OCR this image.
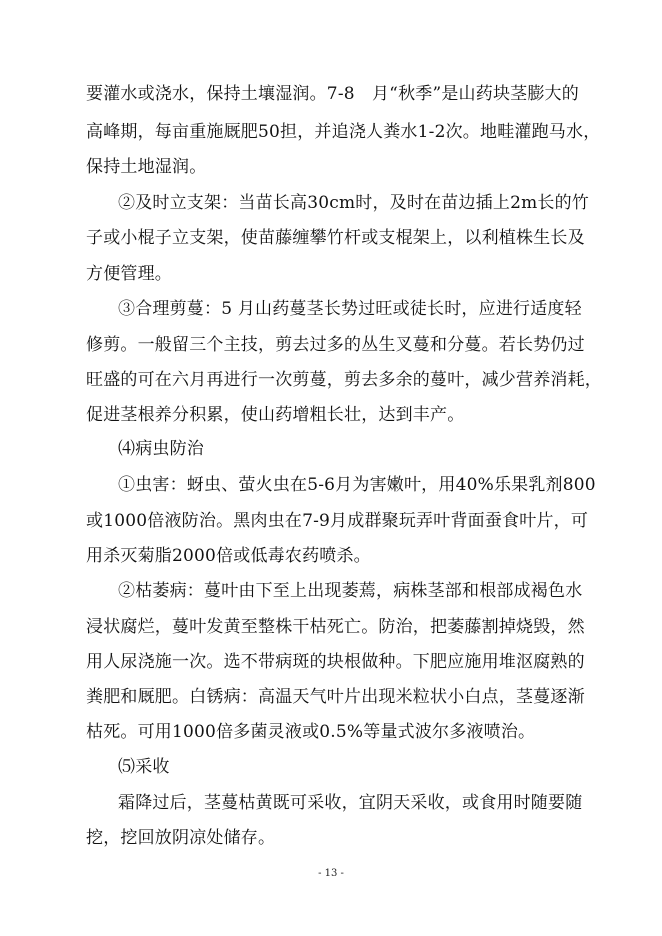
要灌水或浇水，保持土壤湿润。7-8　月“秋季”是山药块茎膨大的
高峰期，每亩重施厩肥50担，并追浇人粪水1-2次。地畦灌跑马水，
保持土地湿润。
②及时立支架：当苗长高30cm时，及时在苗边插上2m长的竹
子或小棍子立支架，使苗藤缠攀竹杆或支棍架上，以利植株生长及
方便管理。
③合理剪蔓：5 月山药蔓茎长势过旺或徒长时，应进行适度轻
修剪。一般留三个主技，剪去过多的丛生叉蔓和分蔓。若长势仍过
旺盛的可在六月再进行一次剪蔓，剪去多余的蔓叶，减少营养消耗，
促进茎根养分积累，使山药增粗长壮，达到丰产。
⑷病虫防治
①虫害：蚜虫、萤火虫在5-6月为害嫩叶，用40%乐果乳剂800
或1000倍液防治。黑肉虫在7-9月成群聚玩弄叶背面蚕食叶片，可
用杀灭菊脂2000倍或低毒农药喷杀。
②枯萎病：蔓叶由下至上出现萎蔫，病株茎部和根部成褐色水
浸状腐烂，蔓叶发黄至整株干枯死亡。防治，把萎藤割掉烧毁，然
用人尿浇施一次。选不带病斑的块根做种。下肥应施用堆沤腐熟的
粪肥和厩肥。白锈病：高温天气叶片出现米粒状小白点，茎蔓逐渐
枯死。可用1000倍多菌灵液或0.5%等量式波尔多液喷治。
⑸采收
霜降过后，茎蔓枯黄既可采收，宜阴天采收，或食用时随要随
挖，挖回放阴凉处储存。
- 13 -
